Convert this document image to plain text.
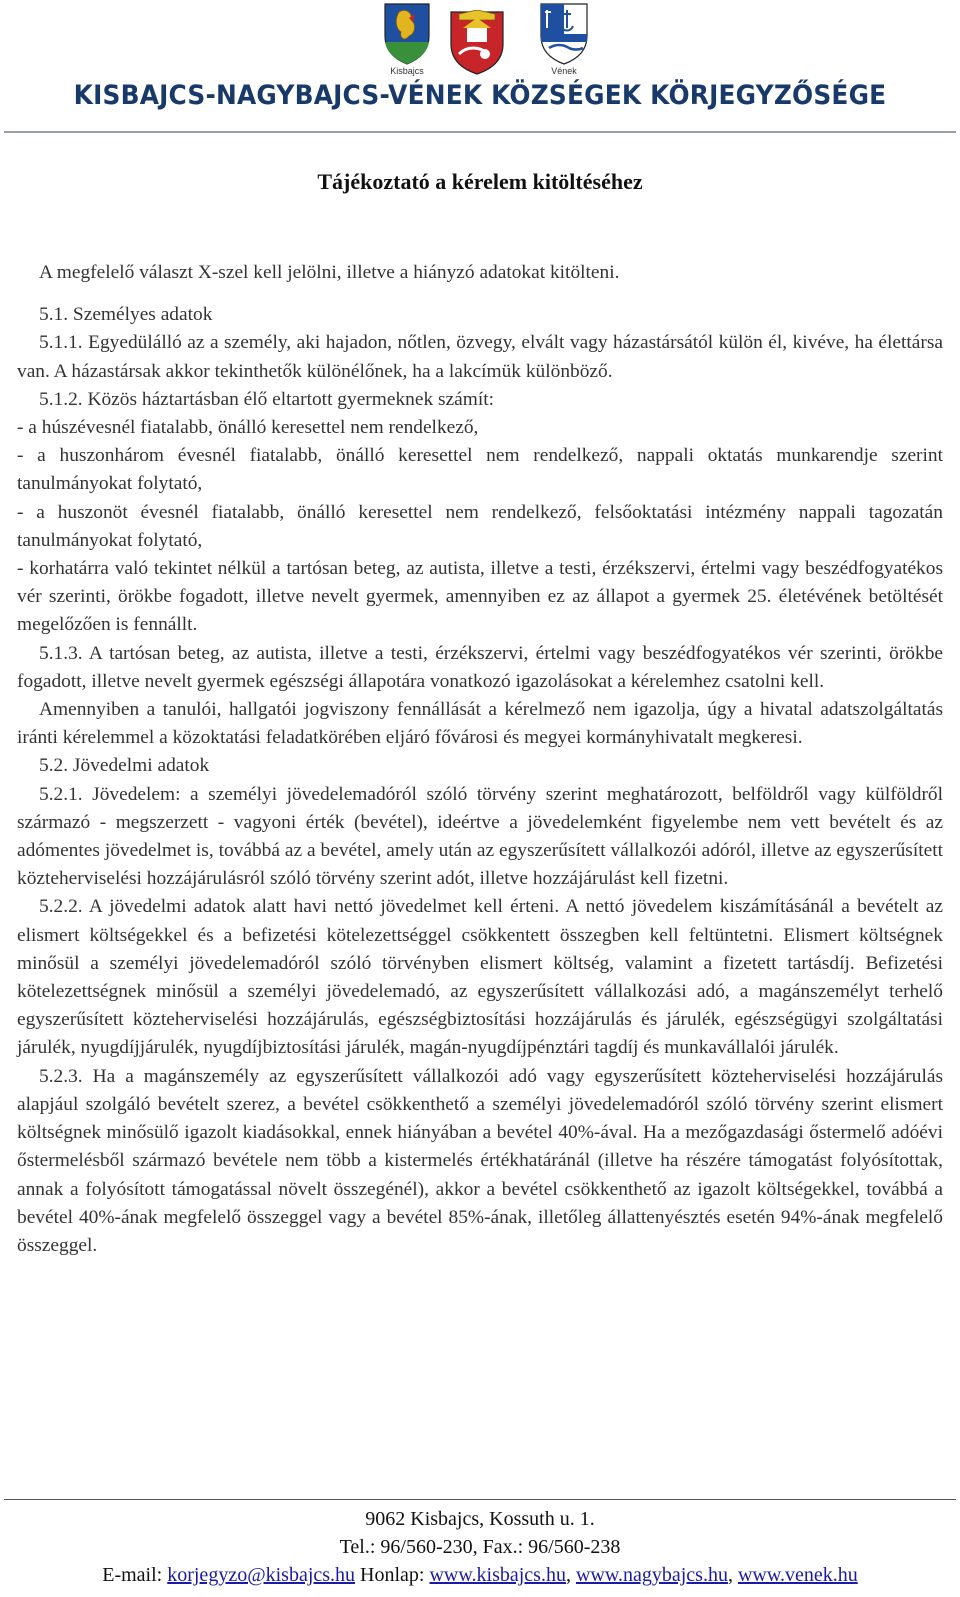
Kisbajcs	Vének
KISBAJCS-NAGYBAJCS-VÉNEK KÖZSÉGEK KÖRJEGYZŐSÉGE
Tájékoztató a kérelem kitöltéséhez

A megfelelő választ X-szel kell jelölni, illetve a hiányzó adatokat kitölteni.

5.1. Személyes adatok

5.1.1. Egyedülálló az a személy, aki hajadon, nőtlen, özvegy, elvált vagy házastársától külön él, kivéve, ha élettársa van. A házastársak akkor tekinthetők különélőnek, ha a lakcímük különböző.

5.1.2. Közös háztartásban élő eltartott gyermeknek számít:

- a húszévesnél fiatalabb, önálló keresettel nem rendelkező,

- a huszonhárom évesnél fiatalabb, önálló keresettel nem rendelkező, nappali oktatás munkarendje szerint tanulmányokat folytató,

- a huszonöt évesnél fiatalabb, önálló keresettel nem rendelkező, felsőoktatási intézmény nappali tagozatán tanulmányokat folytató,

- korhatárra való tekintet nélkül a tartósan beteg, az autista, illetve a testi, érzékszervi, értelmi vagy beszédfogyatékos vér szerinti, örökbe fogadott, illetve nevelt gyermek, amennyiben ez az állapot a gyermek 25. életévének betöltését megelőzően is fennállt.

5.1.3. A tartósan beteg, az autista, illetve a testi, érzékszervi, értelmi vagy beszédfogyatékos vér szerinti, örökbe fogadott, illetve nevelt gyermek egészségi állapotára vonatkozó igazolásokat a kérelemhez csatolni kell.

Amennyiben a tanulói, hallgatói jogviszony fennállását a kérelmező nem igazolja, úgy a hivatal adatszolgáltatás iránti kérelemmel a közoktatási feladatkörében eljáró fővárosi és megyei kormányhivatalt megkeresi.

5.2. Jövedelmi adatok

5.2.1. Jövedelem: a személyi jövedelemadóról szóló törvény szerint meghatározott, belföldről vagy külföldről származó - megszerzett - vagyoni érték (bevétel), ideértve a jövedelemként figyelembe nem vett bevételt és az adómentes jövedelmet is, továbbá az a bevétel, amely után az egyszerűsített vállalkozói adóról, illetve az egyszerűsített közteherviselési hozzájárulásról szóló törvény szerint adót, illetve hozzájárulást kell fizetni.

5.2.2. A jövedelmi adatok alatt havi nettó jövedelmet kell érteni. A nettó jövedelem kiszámításánál a bevételt az elismert költségekkel és a befizetési kötelezettséggel csökkentett összegben kell feltüntetni. Elismert költségnek minősül a személyi jövedelemadóról szóló törvényben elismert költség, valamint a fizetett tartásdíj. Befizetési kötelezettségnek minősül a személyi jövedelemadó, az egyszerűsített vállalkozási adó, a magánszemélyt terhelő egyszerűsített közteherviselési hozzájárulás, egészségbiztosítási hozzájárulás és járulék, egészségügyi szolgáltatási járulék, nyugdíjjárulék, nyugdíjbiztosítási járulék, magán-nyugdíjpénztári tagdíj és munkavállalói járulék.

5.2.3. Ha a magánszemély az egyszerűsített vállalkozói adó vagy egyszerűsített közteherviselési hozzájárulás alapjául szolgáló bevételt szerez, a bevétel csökkenthető a személyi jövedelemadóról szóló törvény szerint elismert költségnek minősülő igazolt kiadásokkal, ennek hiányában a bevétel 40%-ával. Ha a mezőgazdasági őstermelő adóévi őstermelésből származó bevétele nem több a kistermelés értékhatáránál (illetve ha részére támogatást folyósítottak, annak a folyósított támogatással növelt összegénél), akkor a bevétel csökkenthető az igazolt költségekkel, továbbá a bevétel 40%-ának megfelelő összeggel vagy a bevétel 85%-ának, illetőleg állattenyésztés esetén 94%-ának megfelelő összeggel.

9062 Kisbajcs, Kossuth u. 1.
Tel.: 96/560-230, Fax.: 96/560-238
E-mail: korjegyzo@kisbajcs.hu Honlap: www.kisbajcs.hu, www.nagybajcs.hu, www.venek.hu
